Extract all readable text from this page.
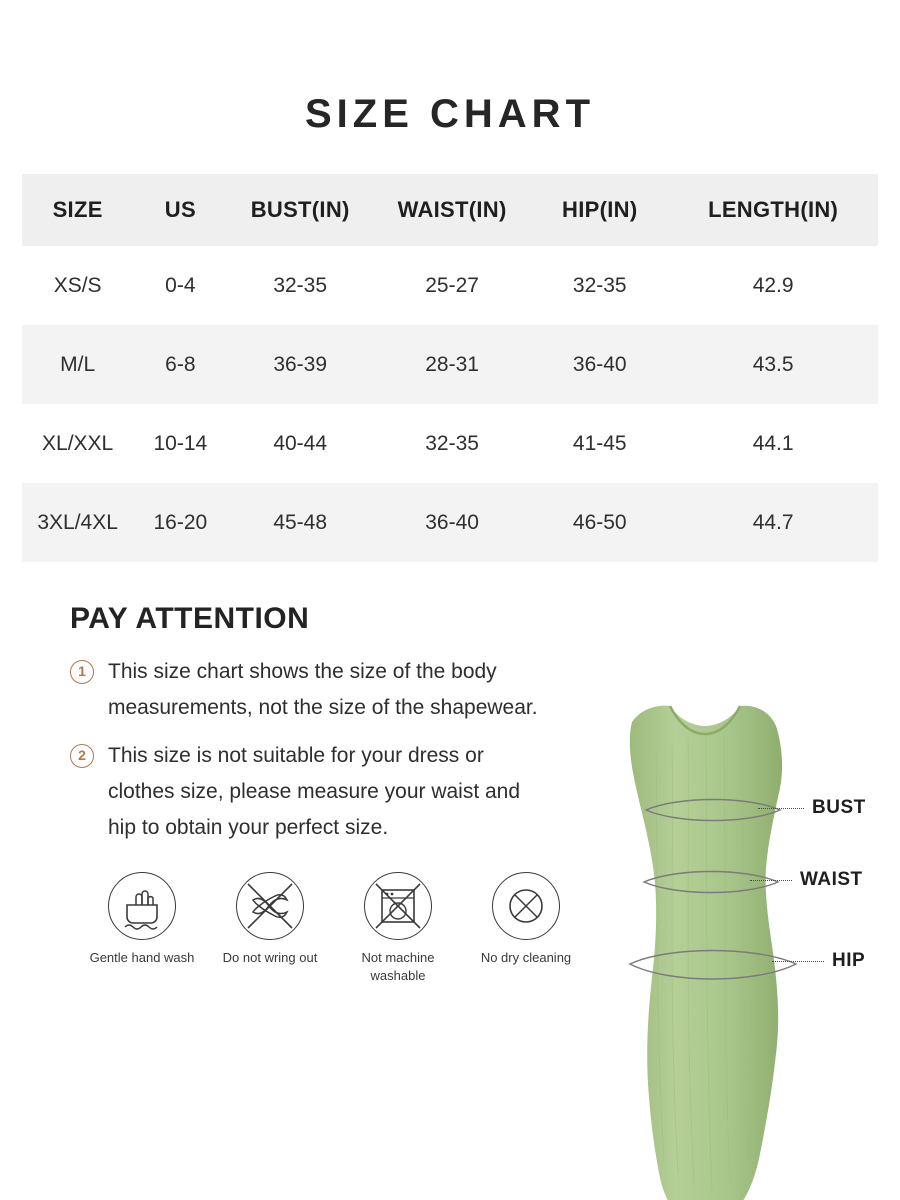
SIZE CHART
SIZE	US	BUST(IN)	WAIST(IN)	HIP(IN)	LENGTH(IN)
XS/S	0-4	32-35	25-27	32-35	42.9
M/L	6-8	36-39	28-31	36-40	43.5
XL/XXL	10-14	40-44	32-35	41-45	44.1
3XL/4XL	16-20	45-48	36-40	46-50	44.7
PAY ATTENTION
1	This size chart shows the size of the body measurements, not the size of the shapewear.
2	This size is not suitable for your dress or clothes size, please measure your waist and hip to obtain your perfect size.
Gentle hand wash	Do not wring out	Not machine washable
No dry cleaning
BUST
WAIST
HIP
